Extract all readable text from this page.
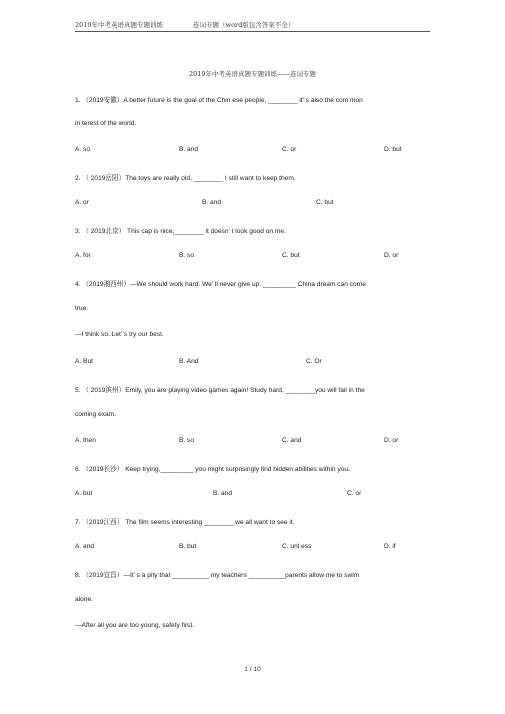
2019年中考英语真题专题训练	连词专题（word版包含答案不全）
2019年中考英语真题专题训练——连词专题
1. （2019安徽）A better future is the goal of the Chin ese people, ________ it’ s also the com mon
in terest of the world.
A. so	B. and	C. or	D. but
2. （ 2019岳阳）The toys are really old, ________ I still want to keep them.
A. or	B. and	C. but
3. （ 2019北京） This cap is nice,________ it doesn’ t look good on me.
A. for	B. so	C. but	D. or
4. （2019湘西州）—We should work hard. We’ ll never give up. _________ China dream can come
true.
—I think so. Let’ s try our best.
A. But	B. And	C. Or
5. （ 2019滨州）Emily, you are playing video games again! Study hard, ________you will fail in the
coming exam.
A. then	B. so	C. and	D. or
6. （2019长沙） Keep trying,_________ you might surprisingly find hidden abilities within you.
A. but	B. and	C. or
7. （2019江西） The film seems interesting ________ we all want to see it.
A. and	B. but	C. unl ess	D. if
8. （2019宜昌）—It’ s a pity that __________ my teachers __________parents allow me to swim
alone.
—After all you are too young, safety first.
1 / 10
